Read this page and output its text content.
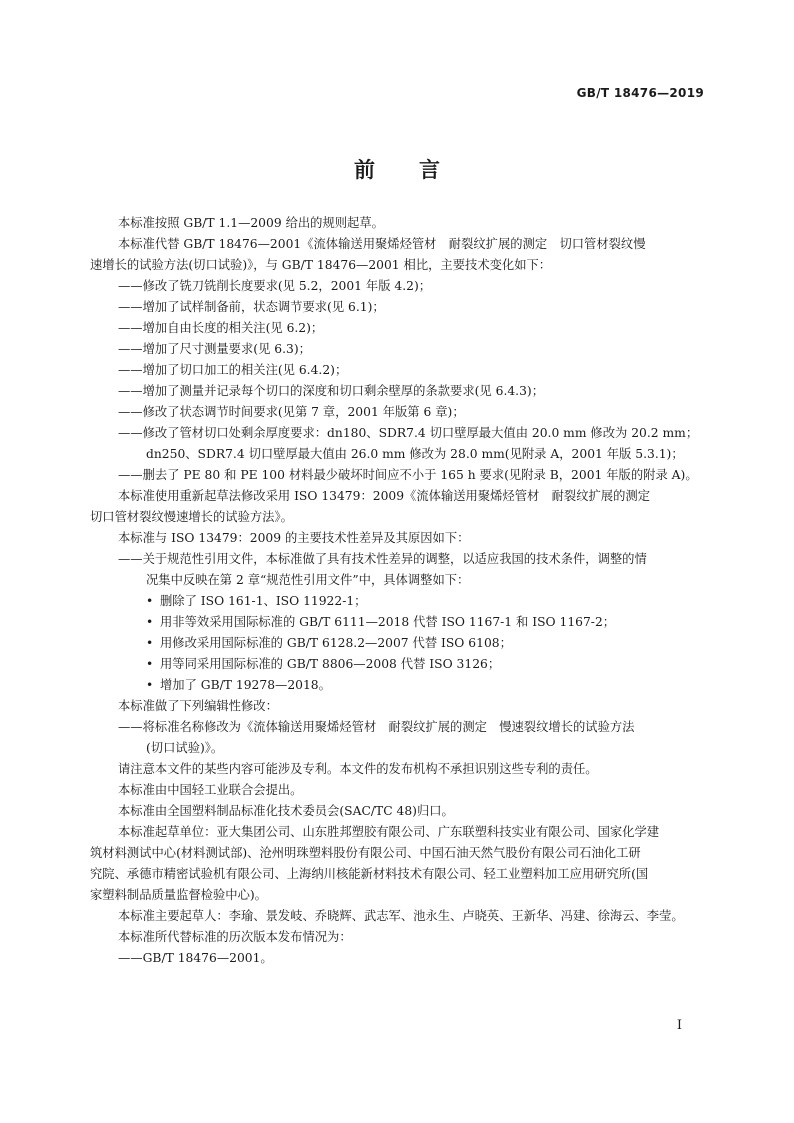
GB/T 18476—2019
前言

本标准按照 GB/T 1.1—2009 给出的规则起草。

本标准代替 GB/T 18476—2001《流体输送用聚烯烃管材　耐裂纹扩展的测定　切口管材裂纹慢

速增长的试验方法(切口试验)》，与 GB/T 18476—2001 相比，主要技术变化如下：

——修改了铣刀铣削长度要求(见 5.2，2001 年版 4.2)；

——增加了试样制备前，状态调节要求(见 6.1)；

——增加自由长度的相关注(见 6.2)；

——增加了尺寸测量要求(见 6.3)；

——增加了切口加工的相关注(见 6.4.2)；

——增加了测量并记录每个切口的深度和切口剩余壁厚的条款要求(见 6.4.3)；

——修改了状态调节时间要求(见第 7 章，2001 年版第 6 章)；

——修改了管材切口处剩余厚度要求：dn180、SDR7.4 切口壁厚最大值由 20.0 mm 修改为 20.2 mm；

dn250、SDR7.4 切口壁厚最大值由 26.0 mm 修改为 28.0 mm(见附录 A，2001 年版 5.3.1)；

——删去了 PE 80 和 PE 100 材料最少破坏时间应不小于 165 h 要求(见附录 B，2001 年版的附录 A)。

本标准使用重新起草法修改采用 ISO 13479：2009《流体输送用聚烯烃管材　耐裂纹扩展的测定

切口管材裂纹慢速增长的试验方法》。

本标准与 ISO 13479：2009 的主要技术性差异及其原因如下：

——关于规范性引用文件，本标准做了具有技术性差异的调整，以适应我国的技术条件，调整的情

况集中反映在第 2 章“规范性引用文件”中，具体调整如下：

• 删除了 ISO 161-1、ISO 11922-1；

• 用非等效采用国际标准的 GB/T 6111—2018 代替 ISO 1167-1 和 ISO 1167-2；

• 用修改采用国际标准的 GB/T 6128.2—2007 代替 ISO 6108；

• 用等同采用国际标准的 GB/T 8806—2008 代替 ISO 3126；

• 增加了 GB/T 19278—2018。

本标准做了下列编辑性修改：

——将标准名称修改为《流体输送用聚烯烃管材　耐裂纹扩展的测定　慢速裂纹增长的试验方法

(切口试验)》。

请注意本文件的某些内容可能涉及专利。本文件的发布机构不承担识别这些专利的责任。

本标准由中国轻工业联合会提出。

本标准由全国塑料制品标准化技术委员会(SAC/TC 48)归口。

本标准起草单位：亚大集团公司、山东胜邦塑胶有限公司、广东联塑科技实业有限公司、国家化学建

筑材料测试中心(材料测试部)、沧州明珠塑料股份有限公司、中国石油天然气股份有限公司石油化工研

究院、承德市精密试验机有限公司、上海纳川核能新材料技术有限公司、轻工业塑料加工应用研究所(国

家塑料制品质量监督检验中心)。

本标准主要起草人：李瑜、景发岐、乔晓辉、武志军、池永生、卢晓英、王新华、冯建、徐海云、李莹。

本标准所代替标准的历次版本发布情况为：

——GB/T 18476—2001。

I
